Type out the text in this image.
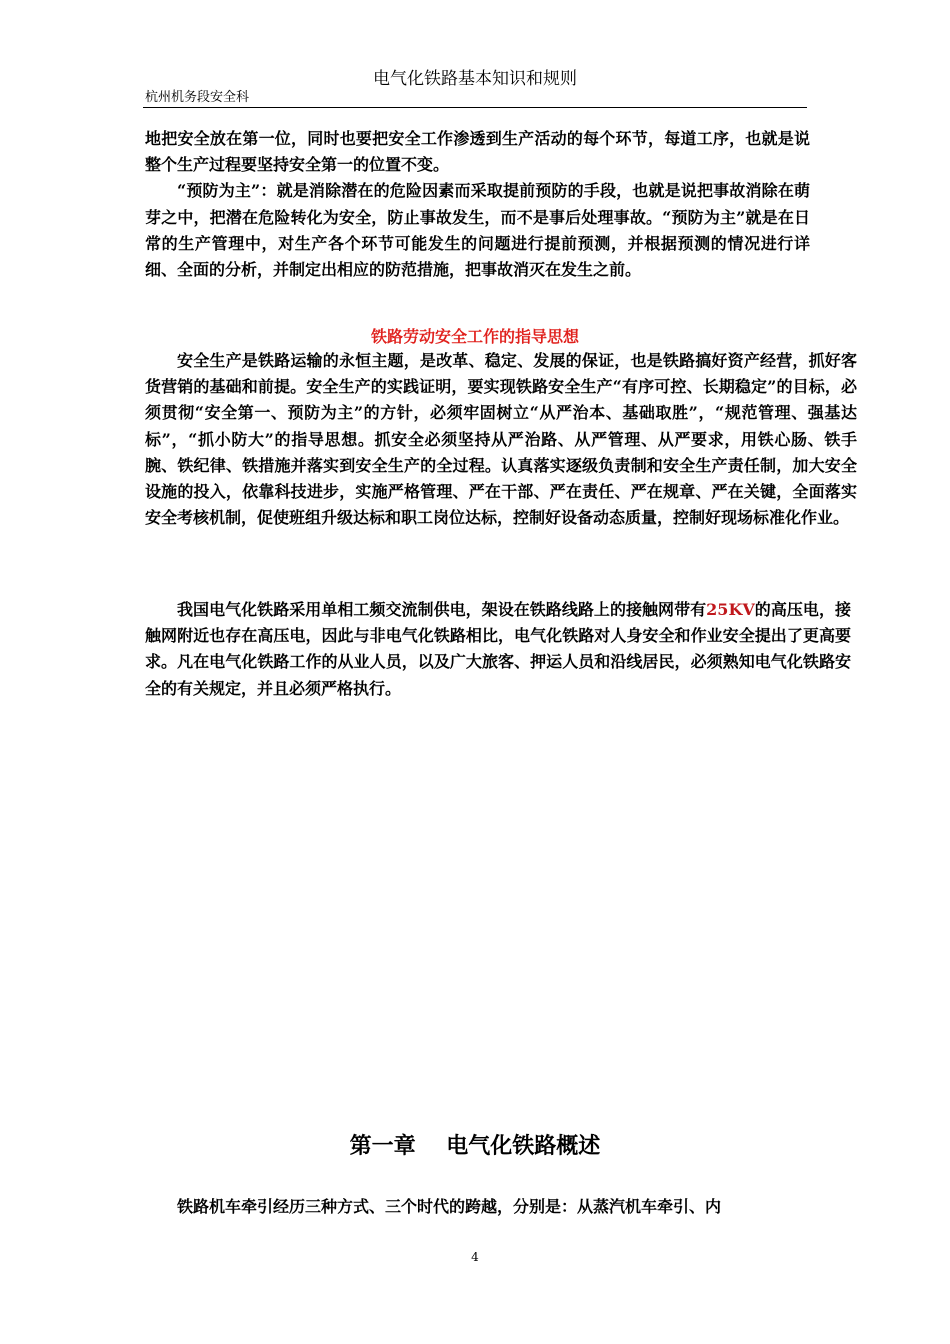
电气化铁路基本知识和规则
杭州机务段安全科

地把安全放在第一位，同时也要把安全工作渗透到生产活动的每个环节，每道工序，也就是说整个生产过程要坚持安全第一的位置不变。

“预防为主”：就是消除潜在的危险因素而采取提前预防的手段，也就是说把事故消除在萌芽之中，把潜在危险转化为安全，防止事故发生，而不是事后处理事故。“预防为主”就是在日常的生产管理中，对生产各个环节可能发生的问题进行提前预测，并根据预测的情况进行详细、全面的分析，并制定出相应的防范措施，把事故消灭在发生之前。

铁路劳动安全工作的指导思想

安全生产是铁路运输的永恒主题，是改革、稳定、发展的保证，也是铁路搞好资产经营，抓好客货营销的基础和前提。安全生产的实践证明，要实现铁路安全生产“有序可控、长期稳定”的目标，必须贯彻“安全第一、预防为主”的方针，必须牢固树立“从严治本、基础取胜”，“规范管理、强基达标”，“抓小防大”的指导思想。抓安全必须坚持从严治路、从严管理、从严要求，用铁心肠、铁手腕、铁纪律、铁措施并落实到安全生产的全过程。认真落实逐级负责制和安全生产责任制，加大安全设施的投入，依靠科技进步，实施严格管理、严在干部、严在责任、严在规章、严在关键，全面落实安全考核机制，促使班组升级达标和职工岗位达标，控制好设备动态质量，控制好现场标准化作业。

我国电气化铁路采用单相工频交流制供电，架设在铁路线路上的接触网带有25KV的高压电，接触网附近也存在高压电，因此与非电气化铁路相比，电气化铁路对人身安全和作业安全提出了更高要求。凡在电气化铁路工作的从业人员，以及广大旅客、押运人员和沿线居民，必须熟知电气化铁路安全的有关规定，并且必须严格执行。

第一章    电气化铁路概述

铁路机车牵引经历三种方式、三个时代的跨越，分别是：从蒸汽机车牵引、内

4
